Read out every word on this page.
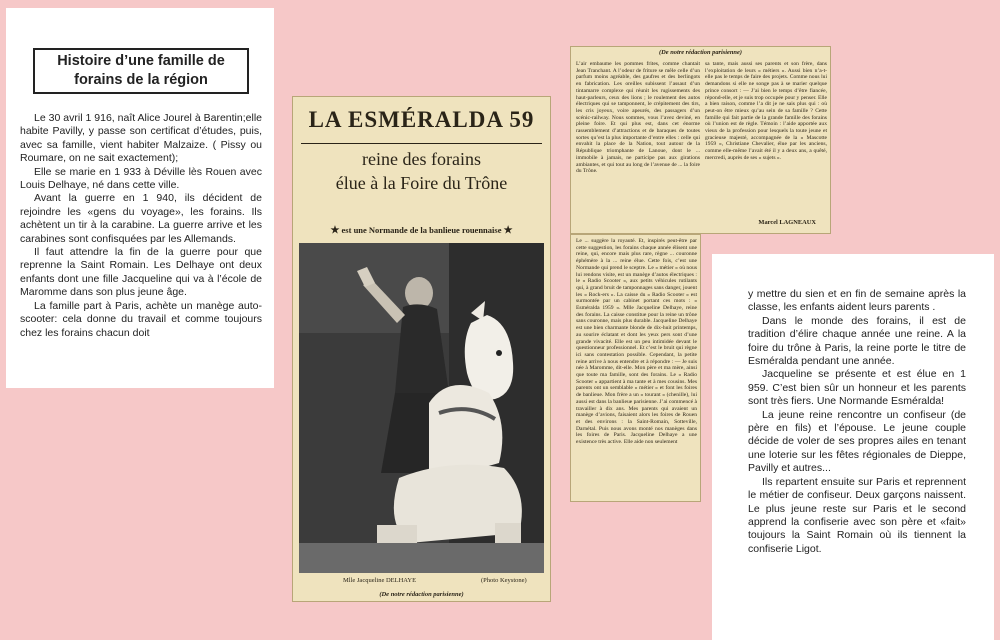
Histoire d’une famille de forains de la région

Le 30 avril 1 916, naît Alice Jourel à Barentin;elle habite Pavilly, y passe son certificat d’études, puis, avec sa famille, vient habiter Malzaize. ( Pissy ou Roumare, on ne sait exactement);

Elle se marie en 1 933 à Déville lès Rouen avec Louis Delhaye, né dans cette ville.

Avant la guerre en 1 940, ils décident de rejoindre les «gens du voyage», les forains. Ils achètent un tir à la carabine. La guerre arrive et les carabines sont confisquées par les Allemands.

Il faut attendre la fin de la guerre pour que reprenne la Saint Romain. Les Delhaye ont deux enfants dont une fille Jacqueline qui va à l’école de Maromme dans son plus jeune âge.

La famille part à Paris, achète un manège auto-scooter: cela donne du travail et comme toujours chez les forains chacun doit

LA ESMÉRALDA 59
reine des forains
élue à la Foire du Trône
★ est une Normande de la banlieue rouennaise ★
Mlle Jacqueline DELHAYE	(Photo Keystone)
(De notre rédaction parisienne)
(De notre rédaction parisienne)
L’air embaume les pommes frites, comme chantait Jean Tranchant. A l’odeur de friture se mêle celle d’un parfum moins agréable, des gaufres et des berlingots en fabrication. Les oreilles subissent l’assaut d’un tintamarre complexe qui réunit les rugissements des haut-parleurs, ceux des lions ; le roulement des autos électriques qui se tamponnent, le crépitement des tirs, les cris joyeux, voire apeurés, des passagers d’un scénic-railway. Nous sommes, vous l’avez deviné, en pleine foire. Et qui plus est, dans cet énorme rassemblement d’attractions et de baraques de toutes sortes qu’est la plus importante d’entre elles : celle qui envahit la place de la Nation, tout autour de la République triomphante de Lanoue, dont le ... immobile à jamais, ne participe pas aux girations ambiantes, et qui tout au long de l’avenue de ... la foire du Trône.
sa tante, mais aussi ses parents et son frère, dans l’exploitation de leurs « métiers ». Aussi bien n’a-t-elle pas le temps de faire des projets. Comme nous lui demandons si elle ne songe pas à se marier quelque prince consort : — J’ai bien le temps d’être fiancée, répond-elle, et je suis trop occupée pour y penser. Elle a bien raison, comme l’a dit je ne sais plus qui : où peut-on être mieux qu’au sein de sa famille ? Cette famille qui fait partie de la grande famille des forains où l’union est de règle. Témoin : l’aide apportée aux vieux de la profession pour lesquels la toute jeune et gracieuse majesté, accompagnée de la « Mascotte 1959 », Christiane Chevalier, élue par les anciens, comme elle-même l’avait été il y a deux ans, a quêté, mercredi, auprès de ses « sujets ».
Marcel LAGNEAUX
Le ... suggère la royauté. Et, inspirés peut-être par cette suggestion, les forains chaque année élisent une reine, qui, encore mais plus rare, règne ... couronne éphémère à la ... reine élue. Cette fois, c’est une Normande qui prend le sceptre. Le « métier » où nous lui rendons visite, est un manège d’autos électriques : le « Radio Scooter », aux petits véhicules rutilants qui, à grand bruit de tamponnages sans danger, jouent les « Rock-ers ». La caisse du « Radio Scooter » est surmontée par un cabinet portant ces mots : « Esméralda 1959 ». Mlle Jacqueline Delhaye, reine des forains. La caisse constitue pour la reine un trône sans couronne, mais plus durable. Jacqueline Delhaye est une bien charmante blonde de dix-huit printemps, au sourire éclatant et dont les yeux pers sont d’une grande vivacité. Elle est un peu intimidée devant le questionneur professionnel. Et c’est le bruit qui règne ici sans contestation possible. Cependant, la petite reine arrive à nous entendre et à répondre : — Je suis née à Maromme, dit-elle. Mon père et ma mère, ainsi que toute ma famille, sont des forains. Le « Radio Scooter » appartient à ma tante et à mes cousins. Mes parents ont un semblable « métier » et font les foires de banlieue. Mon frère a un « tourant » (chenille), lui aussi est dans la banlieue parisienne. J’ai commencé à travailler à dix ans. Mes parents qui avaient un manège d’avions, faisaient alors les foires de Rouen et des environs : la Saint-Romain, Sotteville, Darnétal. Puis nous avons monté nos manèges dans les foires de Paris. Jacqueline Delhaye a une existence très active. Elle aide non seulement

y mettre du sien et en fin de semaine après la classe, les enfants aident leurs parents .

Dans le monde des forains, il est de tradition d’élire chaque année une reine. A la foire du trône à Paris, la reine porte le titre de Esméralda pendant une année.

Jacqueline se présente et est élue en 1 959. C’est bien sûr un honneur et les parents sont très fiers. Une Normande Esméralda!

La jeune reine rencontre un confiseur (de père en fils) et l’épouse. Le jeune couple décide de voler de ses propres ailes en tenant une loterie sur les fêtes régionales de Dieppe, Pavilly et autres...

Ils repartent ensuite sur Paris et reprennent le métier de confiseur. Deux garçons naissent. Le plus jeune reste sur Paris et le second apprend la confiserie avec son père et «fait» toujours la Saint Romain où ils tiennent la confiserie Ligot.
